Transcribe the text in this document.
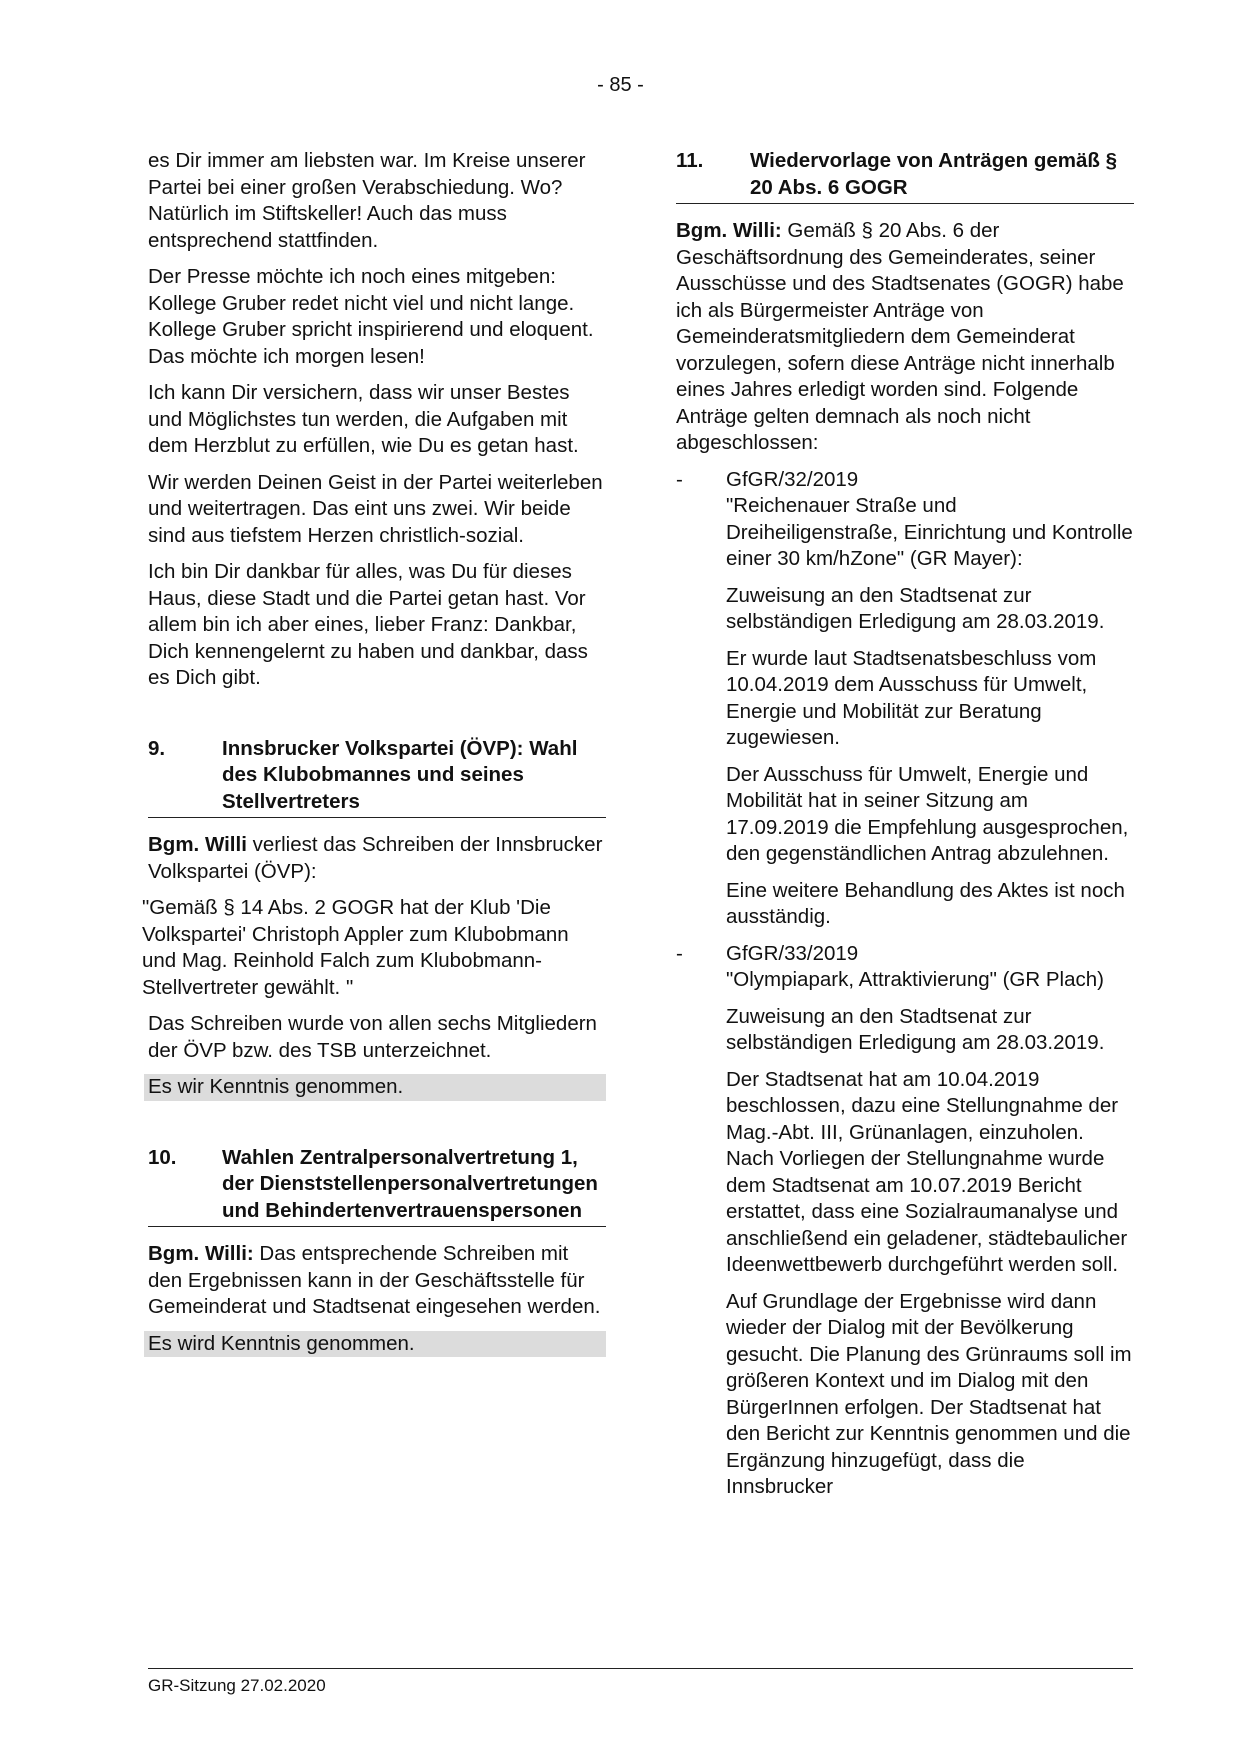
- 85 -

es Dir immer am liebsten war. Im Kreise unserer Partei bei einer großen Verabschiedung. Wo? Natürlich im Stiftskeller! Auch das muss entsprechend stattfinden.

Der Presse möchte ich noch eines mitgeben: Kollege Gruber redet nicht viel und nicht lange. Kollege Gruber spricht inspirierend und eloquent. Das möchte ich morgen lesen!

Ich kann Dir versichern, dass wir unser Bestes und Möglichstes tun werden, die Aufgaben mit dem Herzblut zu erfüllen, wie Du es getan hast.

Wir werden Deinen Geist in der Partei weiterleben und weitertragen. Das eint uns zwei. Wir beide sind aus tiefstem Herzen christlich-sozial.

Ich bin Dir dankbar für alles, was Du für dieses Haus, diese Stadt und die Partei getan hast. Vor allem bin ich aber eines, lieber Franz: Dankbar, Dich kennengelernt zu haben und dankbar, dass es Dich gibt.

9.	Innsbrucker Volkspartei (ÖVP): Wahl des Klubobmannes und seines Stellvertreters

Bgm. Willi verliest das Schreiben der Innsbrucker Volkspartei (ÖVP):

"Gemäß § 14 Abs. 2 GOGR hat der Klub 'Die Volkspartei' Christoph Appler zum Klubobmann und Mag. Reinhold Falch zum Klubobmann-Stellvertreter gewählt. "

Das Schreiben wurde von allen sechs Mitgliedern der ÖVP bzw. des TSB unterzeichnet.

Es wir Kenntnis genommen.

10.	Wahlen Zentralpersonalvertretung 1, der Dienststellenpersonalvertretungen und Behindertenvertrauenspersonen

Bgm. Willi: Das entsprechende Schreiben mit den Ergebnissen kann in der Geschäftsstelle für Gemeinderat und Stadtsenat eingesehen werden.

Es wird Kenntnis genommen.

11.	Wiedervorlage von Anträgen gemäß § 20 Abs. 6 GOGR

Bgm. Willi: Gemäß § 20 Abs. 6 der Geschäftsordnung des Gemeinderates, seiner Ausschüsse und des Stadtsenates (GOGR) habe ich als Bürgermeister Anträge von Gemeinderatsmitgliedern dem Gemeinderat vorzulegen, sofern diese Anträge nicht innerhalb eines Jahres erledigt worden sind. Folgende Anträge gelten demnach als noch nicht abgeschlossen:

-	GfGR/32/2019

"Reichenauer Straße und Dreiheiligenstraße, Einrichtung und Kontrolle einer 30 km/hZone" (GR Mayer):

Zuweisung an den Stadtsenat zur selbständigen Erledigung am 28.03.2019.

Er wurde laut Stadtsenatsbeschluss vom 10.04.2019 dem Ausschuss für Umwelt, Energie und Mobilität zur Beratung zugewiesen.

Der Ausschuss für Umwelt, Energie und Mobilität hat in seiner Sitzung am 17.09.2019 die Empfehlung ausgesprochen, den gegenständlichen Antrag abzulehnen.

Eine weitere Behandlung des Aktes ist noch ausständig.

-	GfGR/33/2019

"Olympiapark, Attraktivierung" (GR Plach)

Zuweisung an den Stadtsenat zur selbständigen Erledigung am 28.03.2019.

Der Stadtsenat hat am 10.04.2019 beschlossen, dazu eine Stellungnahme der Mag.-Abt. III, Grünanlagen, einzuholen. Nach Vorliegen der Stellungnahme wurde dem Stadtsenat am 10.07.2019 Bericht erstattet, dass eine Sozialraumanalyse und anschließend ein geladener, städtebaulicher Ideenwettbewerb durchgeführt werden soll.

Auf Grundlage der Ergebnisse wird dann wieder der Dialog mit der Bevölkerung gesucht. Die Planung des Grünraums soll im größeren Kontext und im Dialog mit den BürgerInnen erfolgen. Der Stadtsenat hat den Bericht zur Kenntnis genommen und die Ergänzung hinzugefügt, dass die Innsbrucker

GR-Sitzung 27.02.2020
